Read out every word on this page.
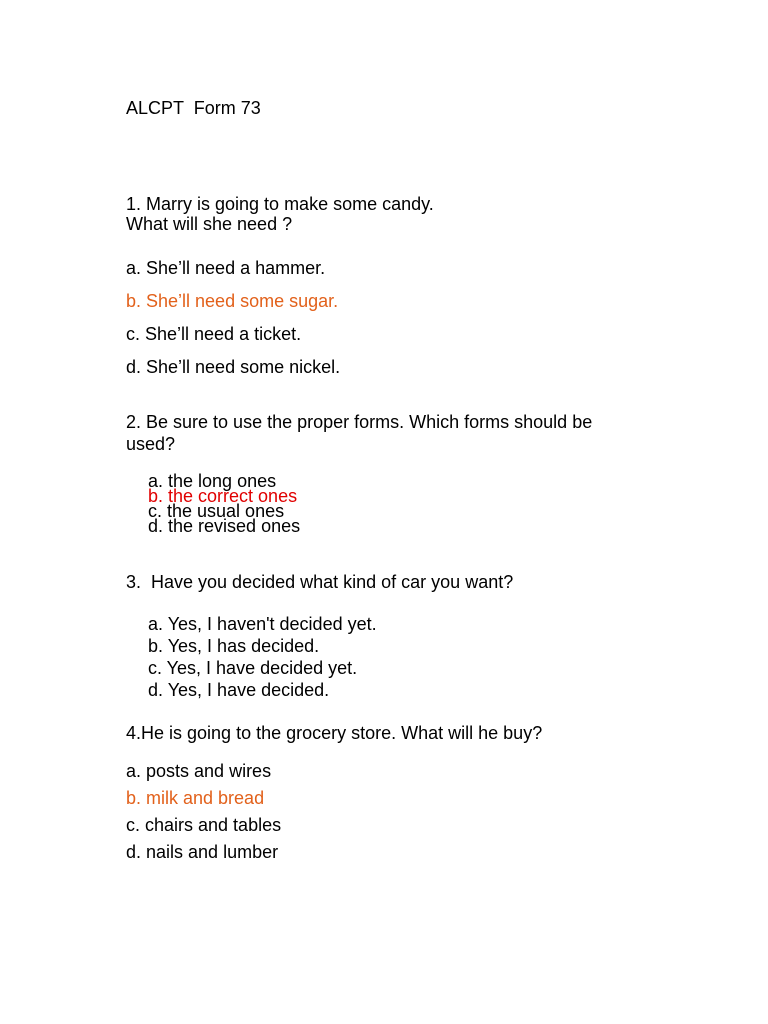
ALCPT  Form 73
1. Marry is going to make some candy.
What will she need ?
a. She’ll need a hammer.
b. She’ll need some sugar.
c. She’ll need a ticket.
d. She’ll need some nickel.
2. Be sure to use the proper forms. Which forms should be
used?
a. the long ones
b. the correct ones
c. the usual ones
d. the revised ones
3.  Have you decided what kind of car you want?
a. Yes, I haven't decided yet.
b. Yes, I has decided.
c. Yes, I have decided yet.
d. Yes, I have decided.
4.He is going to the grocery store. What will he buy?
a. posts and wires
b. milk and bread
c. chairs and tables
d. nails and lumber
